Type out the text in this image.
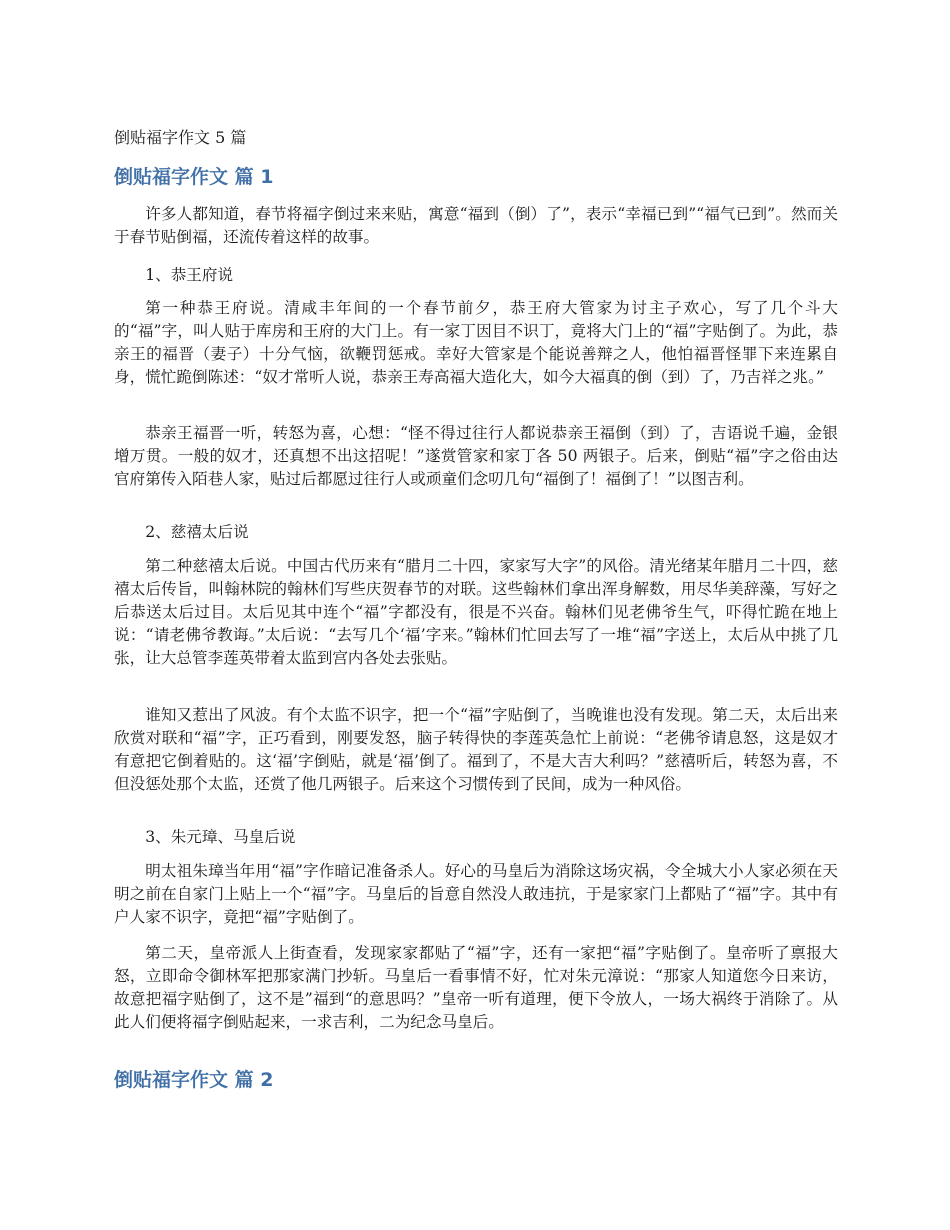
倒贴福字作文 5 篇
倒贴福字作文 篇 1

许多人都知道，春节将福字倒过来来贴，寓意“福到（倒）了”，表示“幸福已到”“福气已到”。然而关于春节贴倒福，还流传着这样的故事。

1、恭王府说

第一种恭王府说。清咸丰年间的一个春节前夕，恭王府大管家为讨主子欢心，写了几个斗大的“福”字，叫人贴于库房和王府的大门上。有一家丁因目不识丁，竟将大门上的“福”字贴倒了。为此，恭亲王的福晋（妻子）十分气恼，欲鞭罚惩戒。幸好大管家是个能说善辩之人，他怕福晋怪罪下来连累自身，慌忙跪倒陈述：“奴才常听人说，恭亲王寿高福大造化大，如今大福真的倒（到）了，乃吉祥之兆。”

恭亲王福晋一听，转怒为喜，心想：“怪不得过往行人都说恭亲王福倒（到）了，吉语说千遍，金银增万贯。一般的奴才，还真想不出这招呢！”遂赏管家和家丁各 50 两银子。后来，倒贴“福”字之俗由达官府第传入陌巷人家，贴过后都愿过往行人或顽童们念叨几句“福倒了！福倒了！”以图吉利。

2、慈禧太后说

第二种慈禧太后说。中国古代历来有“腊月二十四，家家写大字”的风俗。清光绪某年腊月二十四，慈禧太后传旨，叫翰林院的翰林们写些庆贺春节的对联。这些翰林们拿出浑身解数，用尽华美辞藻，写好之后恭送太后过目。太后见其中连个“福”字都没有，很是不兴奋。翰林们见老佛爷生气，吓得忙跪在地上说：“请老佛爷教诲。”太后说：“去写几个‘福’字来。”翰林们忙回去写了一堆“福”字送上，太后从中挑了几张，让大总管李莲英带着太监到宫内各处去张贴。

谁知又惹出了风波。有个太监不识字，把一个“福”字贴倒了，当晚谁也没有发现。第二天，太后出来欣赏对联和“福”字，正巧看到，刚要发怒，脑子转得快的李莲英急忙上前说：“老佛爷请息怒，这是奴才有意把它倒着贴的。这‘福’字倒贴，就是‘福’倒了。福到了，不是大吉大利吗？”慈禧听后，转怒为喜，不但没惩处那个太监，还赏了他几两银子。后来这个习惯传到了民间，成为一种风俗。

3、朱元璋、马皇后说

明太祖朱璋当年用“福”字作暗记准备杀人。好心的马皇后为消除这场灾祸，令全城大小人家必须在天明之前在自家门上贴上一个“福”字。马皇后的旨意自然没人敢违抗，于是家家门上都贴了“福”字。其中有户人家不识字，竟把“福”字贴倒了。

第二天，皇帝派人上街查看，发现家家都贴了“福”字，还有一家把“福”字贴倒了。皇帝听了禀报大怒，立即命令御林军把那家满门抄斩。马皇后一看事情不好，忙对朱元漳说：“那家人知道您今日来访，故意把福字贴倒了，这不是”福到“的意思吗？”皇帝一听有道理，便下令放人，一场大祸终于消除了。从此人们便将福字倒贴起来，一求吉利，二为纪念马皇后。

倒贴福字作文 篇 2
